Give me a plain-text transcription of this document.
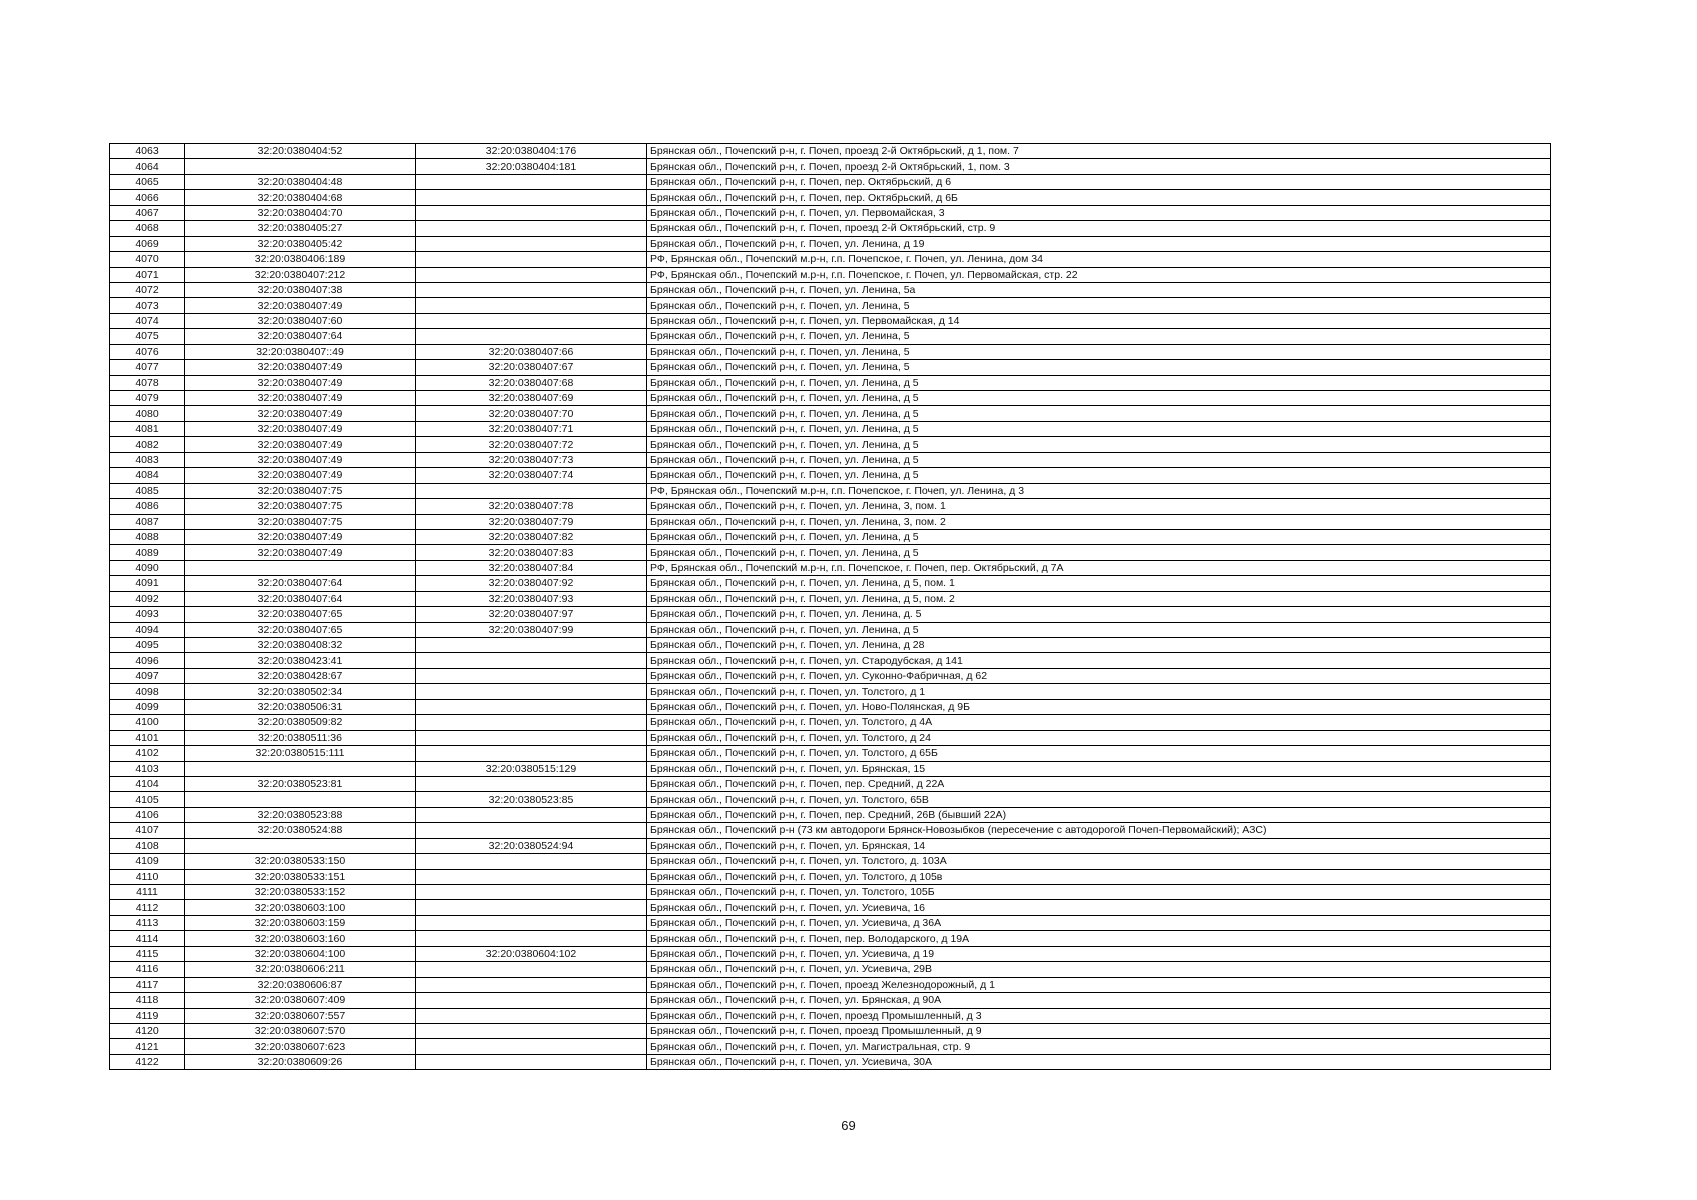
4063	32:20:0380404:52	32:20:0380404:176	Брянская обл., Почепский р-н, г. Почеп, проезд 2-й Октябрьский, д 1, пом. 7
4064		32:20:0380404:181	Брянская обл., Почепский р-н, г. Почеп, проезд 2-й Октябрьский, 1, пом. 3
4065	32:20:0380404:48		Брянская обл., Почепский р-н, г. Почеп, пер. Октябрьский, д 6
4066	32:20:0380404:68		Брянская обл., Почепский р-н, г. Почеп, пер. Октябрьский, д 6Б
4067	32:20:0380404:70		Брянская обл., Почепский р-н, г. Почеп, ул. Первомайская, 3
4068	32:20:0380405:27		Брянская обл., Почепский р-н, г. Почеп, проезд 2-й Октябрьский, стр. 9
4069	32:20:0380405:42		Брянская обл., Почепский р-н, г. Почеп, ул. Ленина, д 19
4070	32:20:0380406:189		РФ, Брянская обл., Почепский м.р-н, г.п. Почепское, г. Почеп, ул. Ленина, дом 34
4071	32:20:0380407:212		РФ, Брянская обл., Почепский м.р-н, г.п. Почепское, г. Почеп, ул. Первомайская, стр. 22
4072	32:20:0380407:38		Брянская обл., Почепский р-н, г. Почеп, ул. Ленина, 5а
4073	32:20:0380407:49		Брянская обл., Почепский р-н, г. Почеп, ул. Ленина, 5
4074	32:20:0380407:60		Брянская обл., Почепский р-н, г. Почеп, ул. Первомайская, д 14
4075	32:20:0380407:64		Брянская обл., Почепский р-н, г. Почеп, ул. Ленина, 5
4076	32:20:0380407::49	32:20:0380407:66	Брянская обл., Почепский р-н, г. Почеп, ул. Ленина, 5
4077	32:20:0380407:49	32:20:0380407:67	Брянская обл., Почепский р-н, г. Почеп, ул. Ленина, 5
4078	32:20:0380407:49	32:20:0380407:68	Брянская обл., Почепский р-н, г. Почеп, ул. Ленина, д 5
4079	32:20:0380407:49	32:20:0380407:69	Брянская обл., Почепский р-н, г. Почеп, ул. Ленина, д 5
4080	32:20:0380407:49	32:20:0380407:70	Брянская обл., Почепский р-н, г. Почеп, ул. Ленина, д 5
4081	32:20:0380407:49	32:20:0380407:71	Брянская обл., Почепский р-н, г. Почеп, ул. Ленина, д 5
4082	32:20:0380407:49	32:20:0380407:72	Брянская обл., Почепский р-н, г. Почеп, ул. Ленина, д 5
4083	32:20:0380407:49	32:20:0380407:73	Брянская обл., Почепский р-н, г. Почеп, ул. Ленина, д 5
4084	32:20:0380407:49	32:20:0380407:74	Брянская обл., Почепский р-н, г. Почеп, ул. Ленина, д 5
4085	32:20:0380407:75		РФ, Брянская обл., Почепский м.р-н, г.п. Почепское, г. Почеп, ул. Ленина, д 3
4086	32:20:0380407:75	32:20:0380407:78	Брянская обл., Почепский р-н, г. Почеп, ул. Ленина, 3, пом. 1
4087	32:20:0380407:75	32:20:0380407:79	Брянская обл., Почепский р-н, г. Почеп, ул. Ленина, 3, пом. 2
4088	32:20:0380407:49	32:20:0380407:82	Брянская обл., Почепский р-н, г. Почеп, ул. Ленина, д 5
4089	32:20:0380407:49	32:20:0380407:83	Брянская обл., Почепский р-н, г. Почеп, ул. Ленина, д 5
4090		32:20:0380407:84	РФ, Брянская обл., Почепский м.р-н, г.п. Почепское, г. Почеп, пер. Октябрьский, д 7А
4091	32:20:0380407:64	32:20:0380407:92	Брянская обл., Почепский р-н, г. Почеп, ул. Ленина, д 5, пом. 1
4092	32:20:0380407:64	32:20:0380407:93	Брянская обл., Почепский р-н, г. Почеп, ул. Ленина, д 5, пом. 2
4093	32:20:0380407:65	32:20:0380407:97	Брянская обл., Почепский р-н, г. Почеп, ул. Ленина, д. 5
4094	32:20:0380407:65	32:20:0380407:99	Брянская обл., Почепский р-н, г. Почеп, ул. Ленина, д 5
4095	32:20:0380408:32		Брянская обл., Почепский р-н, г. Почеп, ул. Ленина, д 28
4096	32:20:0380423:41		Брянская обл., Почепский р-н, г. Почеп, ул. Стародубская, д 141
4097	32:20:0380428:67		Брянская обл., Почепский р-н, г. Почеп, ул. Суконно-Фабричная, д 62
4098	32:20:0380502:34		Брянская обл., Почепский р-н, г. Почеп, ул. Толстого, д 1
4099	32:20:0380506:31		Брянская обл., Почепский р-н, г. Почеп, ул. Ново-Полянская, д 9Б
4100	32:20:0380509:82		Брянская обл., Почепский р-н, г. Почеп, ул. Толстого, д 4А
4101	32:20:0380511:36		Брянская обл., Почепский р-н, г. Почеп, ул. Толстого, д 24
4102	32:20:0380515:111		Брянская обл., Почепский р-н, г. Почеп, ул. Толстого, д 65Б
4103		32:20:0380515:129	Брянская обл., Почепский р-н, г. Почеп, ул. Брянская, 15
4104	32:20:0380523:81		Брянская обл., Почепский р-н, г. Почеп, пер. Средний, д 22А
4105		32:20:0380523:85	Брянская обл., Почепский р-н, г. Почеп, ул. Толстого, 65В
4106	32:20:0380523:88		Брянская обл., Почепский р-н, г. Почеп, пер. Средний, 26В (бывший 22А)
4107	32:20:0380524:88		Брянская обл., Почепский р-н (73 км автодороги Брянск-Новозыбков (пересечение с автодорогой Почеп-Первомайский); АЗС)
4108		32:20:0380524:94	Брянская обл., Почепский р-н, г. Почеп, ул. Брянская, 14
4109	32:20:0380533:150		Брянская обл., Почепский р-н, г. Почеп, ул. Толстого, д. 103А
4110	32:20:0380533:151		Брянская обл., Почепский р-н, г. Почеп, ул. Толстого, д 105в
4111	32:20:0380533:152		Брянская обл., Почепский р-н, г. Почеп, ул. Толстого, 105Б
4112	32:20:0380603:100		Брянская обл., Почепский р-н, г. Почеп, ул. Усиевича, 16
4113	32:20:0380603:159		Брянская обл., Почепский р-н, г. Почеп, ул. Усиевича, д 36А
4114	32:20:0380603:160		Брянская обл., Почепский р-н, г. Почеп, пер. Володарского, д 19А
4115	32:20:0380604:100	32:20:0380604:102	Брянская обл., Почепский р-н, г. Почеп, ул. Усиевича, д 19
4116	32:20:0380606:211		Брянская обл., Почепский р-н, г. Почеп, ул. Усиевича, 29В
4117	32:20:0380606:87		Брянская обл., Почепский р-н, г. Почеп, проезд Железнодорожный, д 1
4118	32:20:0380607:409		Брянская обл., Почепский р-н, г. Почеп, ул. Брянская, д 90А
4119	32:20:0380607:557		Брянская обл., Почепский р-н, г. Почеп, проезд Промышленный, д 3
4120	32:20:0380607:570		Брянская обл., Почепский р-н, г. Почеп, проезд Промышленный, д 9
4121	32:20:0380607:623		Брянская обл., Почепский р-н, г. Почеп, ул. Магистральная, стр. 9
4122	32:20:0380609:26		Брянская обл., Почепский р-н, г. Почеп, ул. Усиевича, 30А
69
